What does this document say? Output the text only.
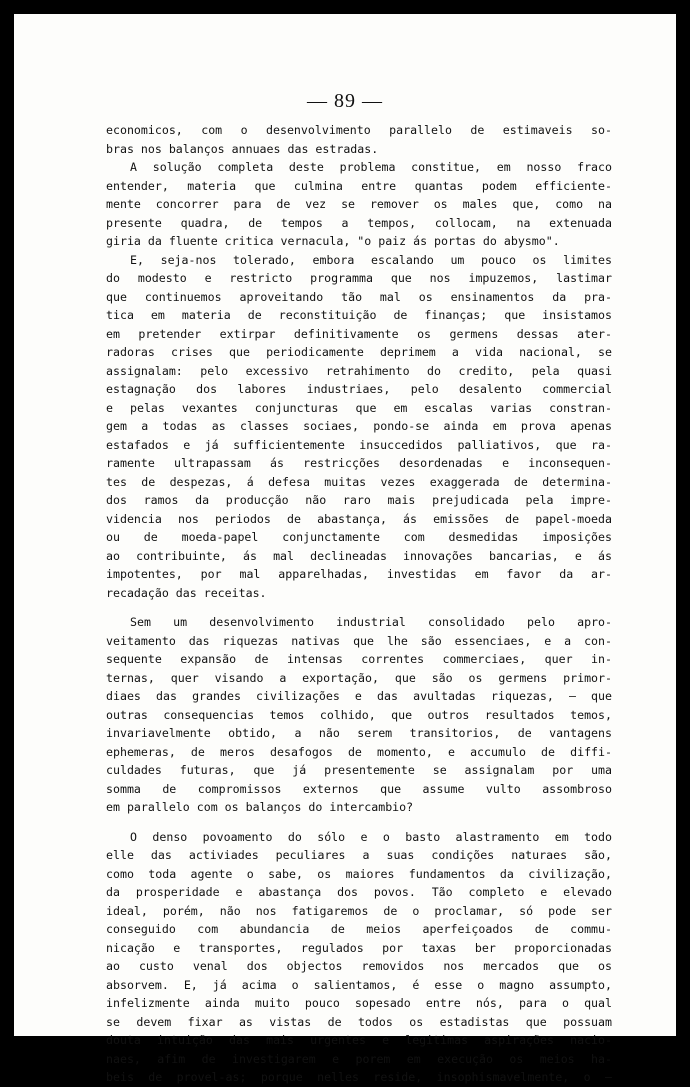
— 89 —
economicos, com o desenvolvimento parallelo de estimaveis so-
bras nos balanços annuaes das estradas.
A solução completa deste problema constitue, em nosso fraco
entender, materia que culmina entre quantas podem efficiente-
mente concorrer para de vez se remover os males que, como na
presente quadra, de tempos a tempos, collocam, na extenuada
giria da fluente critica vernacula, "o paiz ás portas do abysmo".
E, seja-nos tolerado, embora escalando um pouco os limites
do modesto e restricto programma que nos impuzemos, lastimar
que continuemos aproveitando tão mal os ensinamentos da pra-
tica em materia de reconstituição de finanças; que insistamos
em pretender extirpar definitivamente os germens dessas ater-
radoras crises que periodicamente deprimem a vida nacional, se
assignalam: pelo excessivo retrahimento do credito, pela quasi
estagnação dos labores industriaes, pelo desalento commercial
e pelas vexantes conjuncturas que em escalas varias constran-
gem a todas as classes sociaes, pondo-se ainda em prova apenas
estafados e já sufficientemente insuccedidos palliativos, que ra-
ramente ultrapassam ás restricções desordenadas e inconsequen-
tes de despezas, á defesa muitas vezes exaggerada de determina-
dos ramos da producção não raro mais prejudicada pela impre-
videncia nos periodos de abastança, ás emissões de papel-moeda
ou de moeda-papel conjunctamente com desmedidas imposições
ao contribuinte, ás mal declineadas innovações bancarias, e ás
impotentes, por mal apparelhadas, investidas em favor da ar-
recadação das receitas.
Sem um desenvolvimento industrial consolidado pelo apro-
veitamento das riquezas nativas que lhe são essenciaes, e a con-
sequente expansão de intensas correntes commerciaes, quer in-
ternas, quer visando a exportação, que são os germens primor-
diaes das grandes civilizações e das avultadas riquezas, — que
outras consequencias temos colhido, que outros resultados temos,
invariavelmente obtido, a não serem transitorios, de vantagens
ephemeras, de meros desafogos de momento, e accumulo de diffi-
culdades futuras, que já presentemente se assignalam por uma
somma de compromissos externos que assume vulto assombroso
em parallelo com os balanços do intercambio?
O denso povoamento do sólo e o basto alastramento em todo
elle das activiades peculiares a suas condições naturaes são,
como toda agente o sabe, os maiores fundamentos da civilização,
da prosperidade e abastança dos povos. Tão completo e elevado
ideal, porém, não nos fatigaremos de o proclamar, só pode ser
conseguido com abundancia de meios aperfeiçoados de commu-
nicação e transportes, regulados por taxas ber proporcionadas
ao custo venal dos objectos removidos nos mercados que os
absorvem. E, já acima o salientamos, é esse o magno assumpto,
infelizmente ainda muito pouco sopesado entre nós, para o qual
se devem fixar as vistas de todos os estadistas que possuam
douta intuição das mais urgentes e legitimas aspirações nacio-
naes, afim de investigarem e porem em execução os meios ha-
beis de provel-as; porque nelles reside, insophismavelmente, o —
